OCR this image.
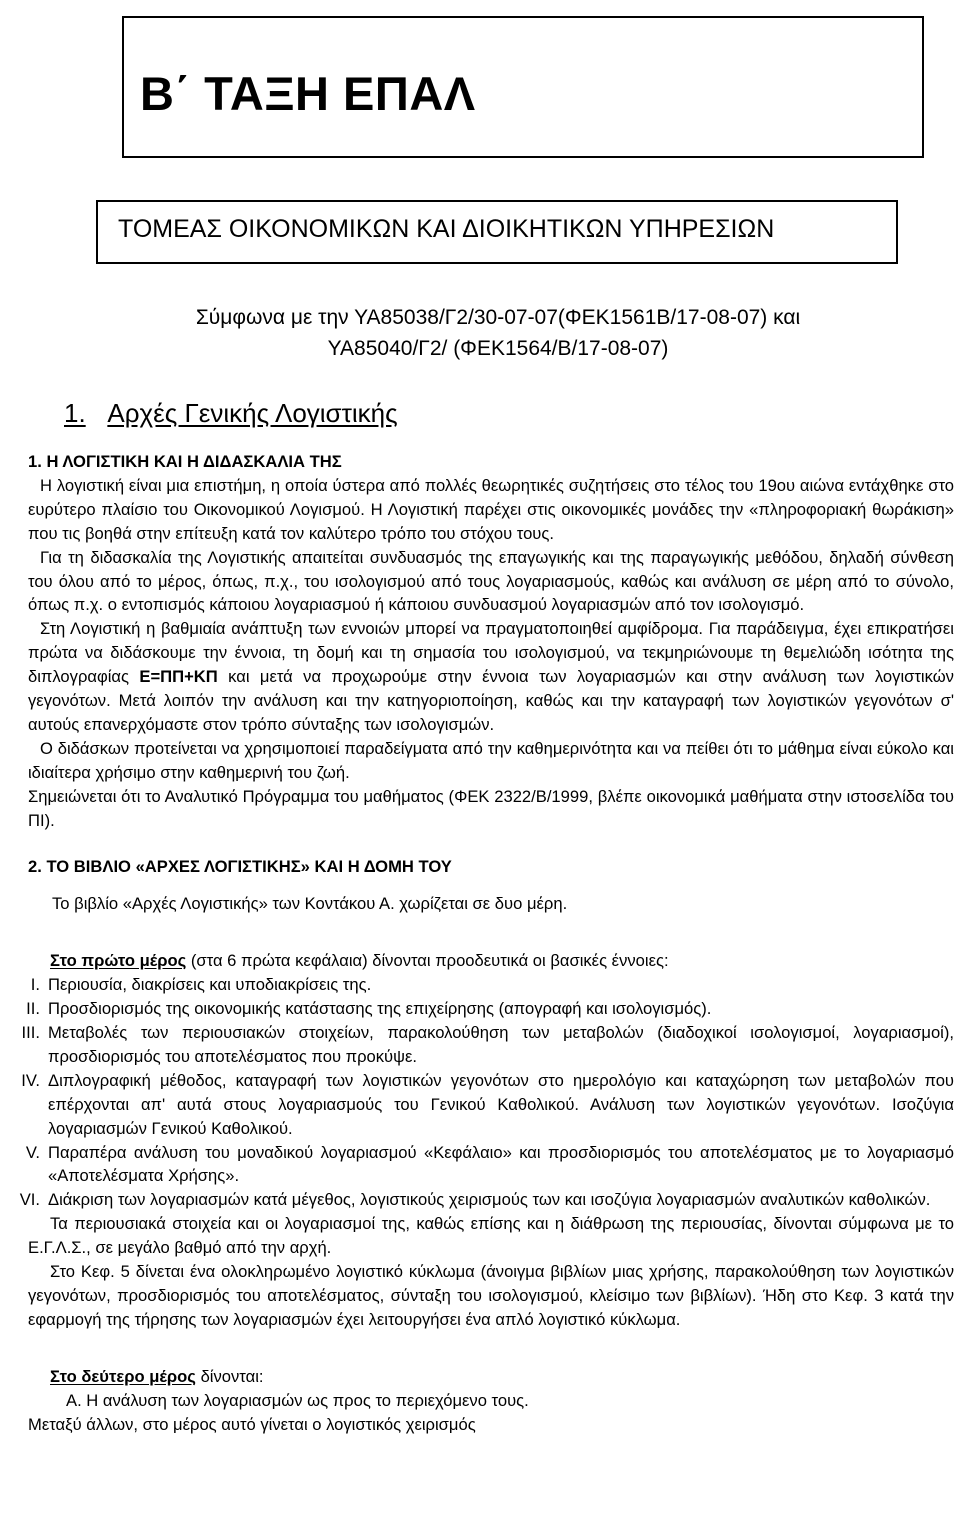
Β΄ ΤΑΞΗ ΕΠΑΛ
ΤΟΜΕΑΣ ΟΙΚΟΝΟΜΙΚΩΝ ΚΑΙ ΔΙΟΙΚΗΤΙΚΩΝ ΥΠΗΡΕΣΙΩΝ
Σύμφωνα με την ΥΑ85038/Γ2/30-07-07(ΦΕΚ1561Β/17-08-07) και
ΥΑ85040/Γ2/ (ΦΕΚ1564/Β/17-08-07)
1. Αρχές Γενικής Λογιστικής

1. Η ΛΟΓΙΣΤΙΚΗ ΚΑΙ Η ΔΙΔΑΣΚΑΛΙΑ ΤΗΣ

Η λογιστική είναι μια επιστήμη, η οποία ύστερα από πολλές θεωρητικές συζητήσεις στο τέλος του 19ου αιώνα εντάχθηκε στο ευρύτερο πλαίσιο του Οικονομικού Λογισμού. Η Λογιστική παρέχει στις οικονομικές μονάδες την «πληροφοριακή θωράκιση» που τις βοηθά στην επίτευξη κατά τον καλύτερο τρόπο του στόχου τους.

Για τη διδασκαλία της Λογιστικής απαιτείται συνδυασμός της επαγωγικής και της παραγωγικής μεθόδου, δηλαδή σύνθεση του όλου από το μέρος, όπως, π.χ., του ισολογισμού από τους λογαριασμούς, καθώς και ανάλυση σε μέρη από το σύνολο, όπως π.χ. ο εντοπισμός κάποιου λογαριασμού ή κάποιου συνδυασμού λογαριασμών από τον ισολογισμό.

Στη Λογιστική η βαθμιαία ανάπτυξη των εννοιών μπορεί να πραγματοποιηθεί αμφίδρομα. Για παράδειγμα, έχει επικρατήσει πρώτα να διδάσκουμε την έννοια, τη δομή και τη σημασία του ισολογισμού, να τεκμηριώνουμε τη θεμελιώδη ισότητα της διπλογραφίας Ε=ΠΠ+ΚΠ και μετά να προχωρούμε στην έννοια των λογαριασμών και στην ανάλυση των λογιστικών γεγονότων. Μετά λοιπόν την ανάλυση και την κατηγοριοποίηση, καθώς και την καταγραφή των λογιστικών γεγονότων σ' αυτούς επανερχόμαστε στον τρόπο σύνταξης των ισολογισμών.

Ο διδάσκων προτείνεται να χρησιμοποιεί παραδείγματα από την καθημερινότητα και να πείθει ότι το μάθημα είναι εύκολο και ιδιαίτερα χρήσιμο στην καθημερινή του ζωή.

Σημειώνεται ότι το Αναλυτικό Πρόγραμμα του μαθήματος (ΦΕΚ 2322/Β/1999, βλέπε οικονομικά μαθήματα στην ιστοσελίδα του ΠΙ).

2. ΤΟ ΒΙΒΛΙΟ «ΑΡΧΕΣ ΛΟΓΙΣΤΙΚΗΣ» ΚΑΙ Η ΔΟΜΗ ΤΟΥ

Το βιβλίο «Αρχές Λογιστικής» των Κοντάκου Α. χωρίζεται σε δυο μέρη.

Στο πρώτο μέρος (στα 6 πρώτα κεφάλαια) δίνονται προοδευτικά οι βασικές έννοιες:

I. Περιουσία, διακρίσεις και υποδιακρίσεις της.
II. Προσδιορισμός της οικονομικής κατάστασης της επιχείρησης (απογραφή και ισολογισμός).
III. Μεταβολές των περιουσιακών στοιχείων, παρακολούθηση των μεταβολών (διαδοχικοί ισολογισμοί, λογαριασμοί), προσδιορισμός του αποτελέσματος που προκύψε.
IV. Διπλογραφική μέθοδος, καταγραφή των λογιστικών γεγονότων στο ημερολόγιο και καταχώρηση των μεταβολών που επέρχονται απ' αυτά στους λογαριασμούς του Γενικού Καθολικού. Ανάλυση των λογιστικών γεγονότων. Ισοζύγια λογαριασμών Γενικού Καθολικού.
V. Παραπέρα ανάλυση του μοναδικού λογαριασμού «Κεφάλαιο» και προσδιορισμός του αποτελέσματος με το λογαριασμό «Αποτελέσματα Χρήσης».
VI. Διάκριση των λογαριασμών κατά μέγεθος, λογιστικούς χειρισμούς των και ισοζύγια λογαριασμών αναλυτικών καθολικών.

Τα περιουσιακά στοιχεία και οι λογαριασμοί της, καθώς επίσης και η διάθρωση της περιουσίας, δίνονται σύμφωνα με το Ε.Γ.Λ.Σ., σε μεγάλο βαθμό από την αρχή.

Στο Κεφ. 5 δίνεται ένα ολοκληρωμένο λογιστικό κύκλωμα (άνοιγμα βιβλίων μιας χρήσης, παρακολούθηση των λογιστικών γεγονότων, προσδιορισμός του αποτελέσματος, σύνταξη του ισολογισμού, κλείσιμο των βιβλίων). Ήδη στο Κεφ. 3 κατά την εφαρμογή της τήρησης των λογαριασμών έχει λειτουργήσει ένα απλό λογιστικό κύκλωμα.

Στο δεύτερο μέρος δίνονται:

Α. Η ανάλυση των λογαριασμών ως προς το περιεχόμενο τους.

Μεταξύ άλλων, στο μέρος αυτό γίνεται ο λογιστικός χειρισμός
